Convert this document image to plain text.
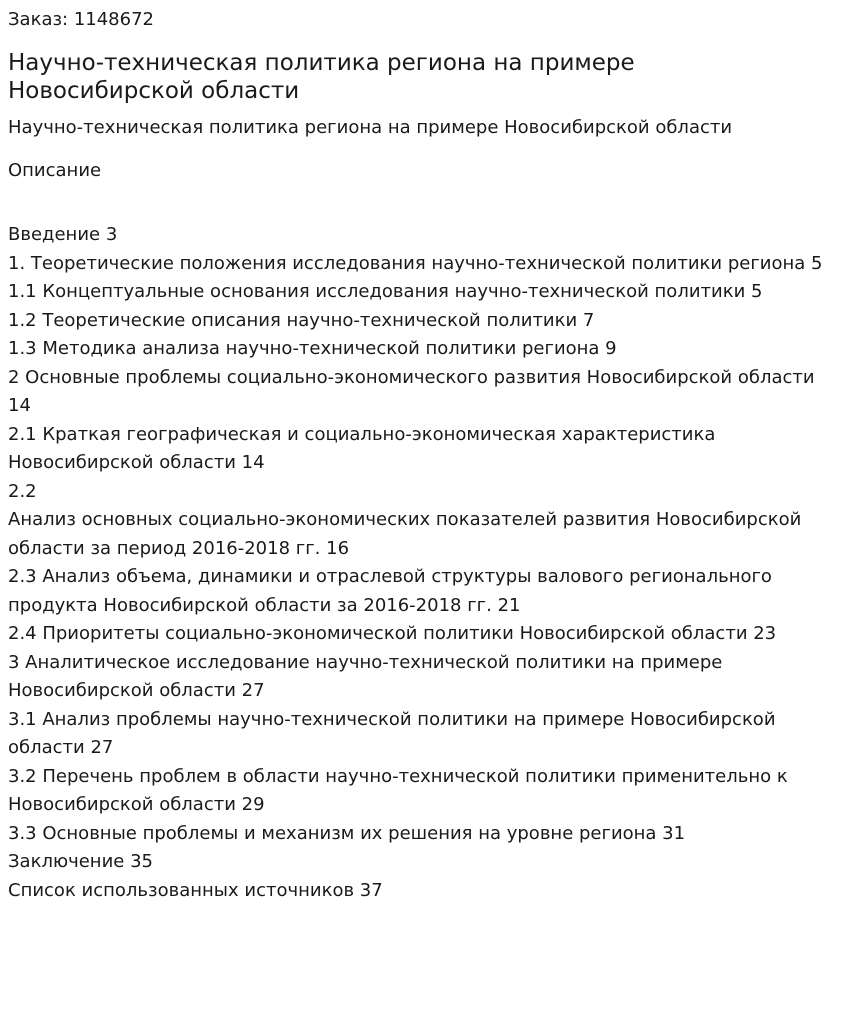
Заказ: 1148672

Научно-техническая политика региона на примере Новосибирской области

Научно-техническая политика региона на примере Новосибирской области

Описание
Введение 3
1. Теоретические положения исследования научно-технической политики региона 5
1.1 Концептуальные основания исследования научно-технической политики 5
1.2 Теоретические описания научно-технической политики 7
1.3 Методика анализа научно-технической политики региона 9
2 Основные проблемы социально-экономического развития Новосибирской области 14
2.1 Краткая географическая и социально-экономическая характеристика Новосибирской области 14
2.2
Анализ основных социально-экономических показателей развития Новосибирской области за период 2016-2018 гг. 16
2.3 Анализ объема, динамики и отраслевой структуры валового регионального продукта Новосибирской области за 2016-2018 гг. 21
2.4 Приоритеты социально-экономической политики Новосибирской области 23
3 Аналитическое исследование научно-технической политики на примере Новосибирской области 27
3.1 Анализ проблемы научно-технической политики на примере Новосибирской области 27
3.2 Перечень проблем в области научно-технической политики применительно к Новосибирской области 29
3.3 Основные проблемы и механизм их решения на уровне региона 31
Заключение 35
Список использованных источников 37
